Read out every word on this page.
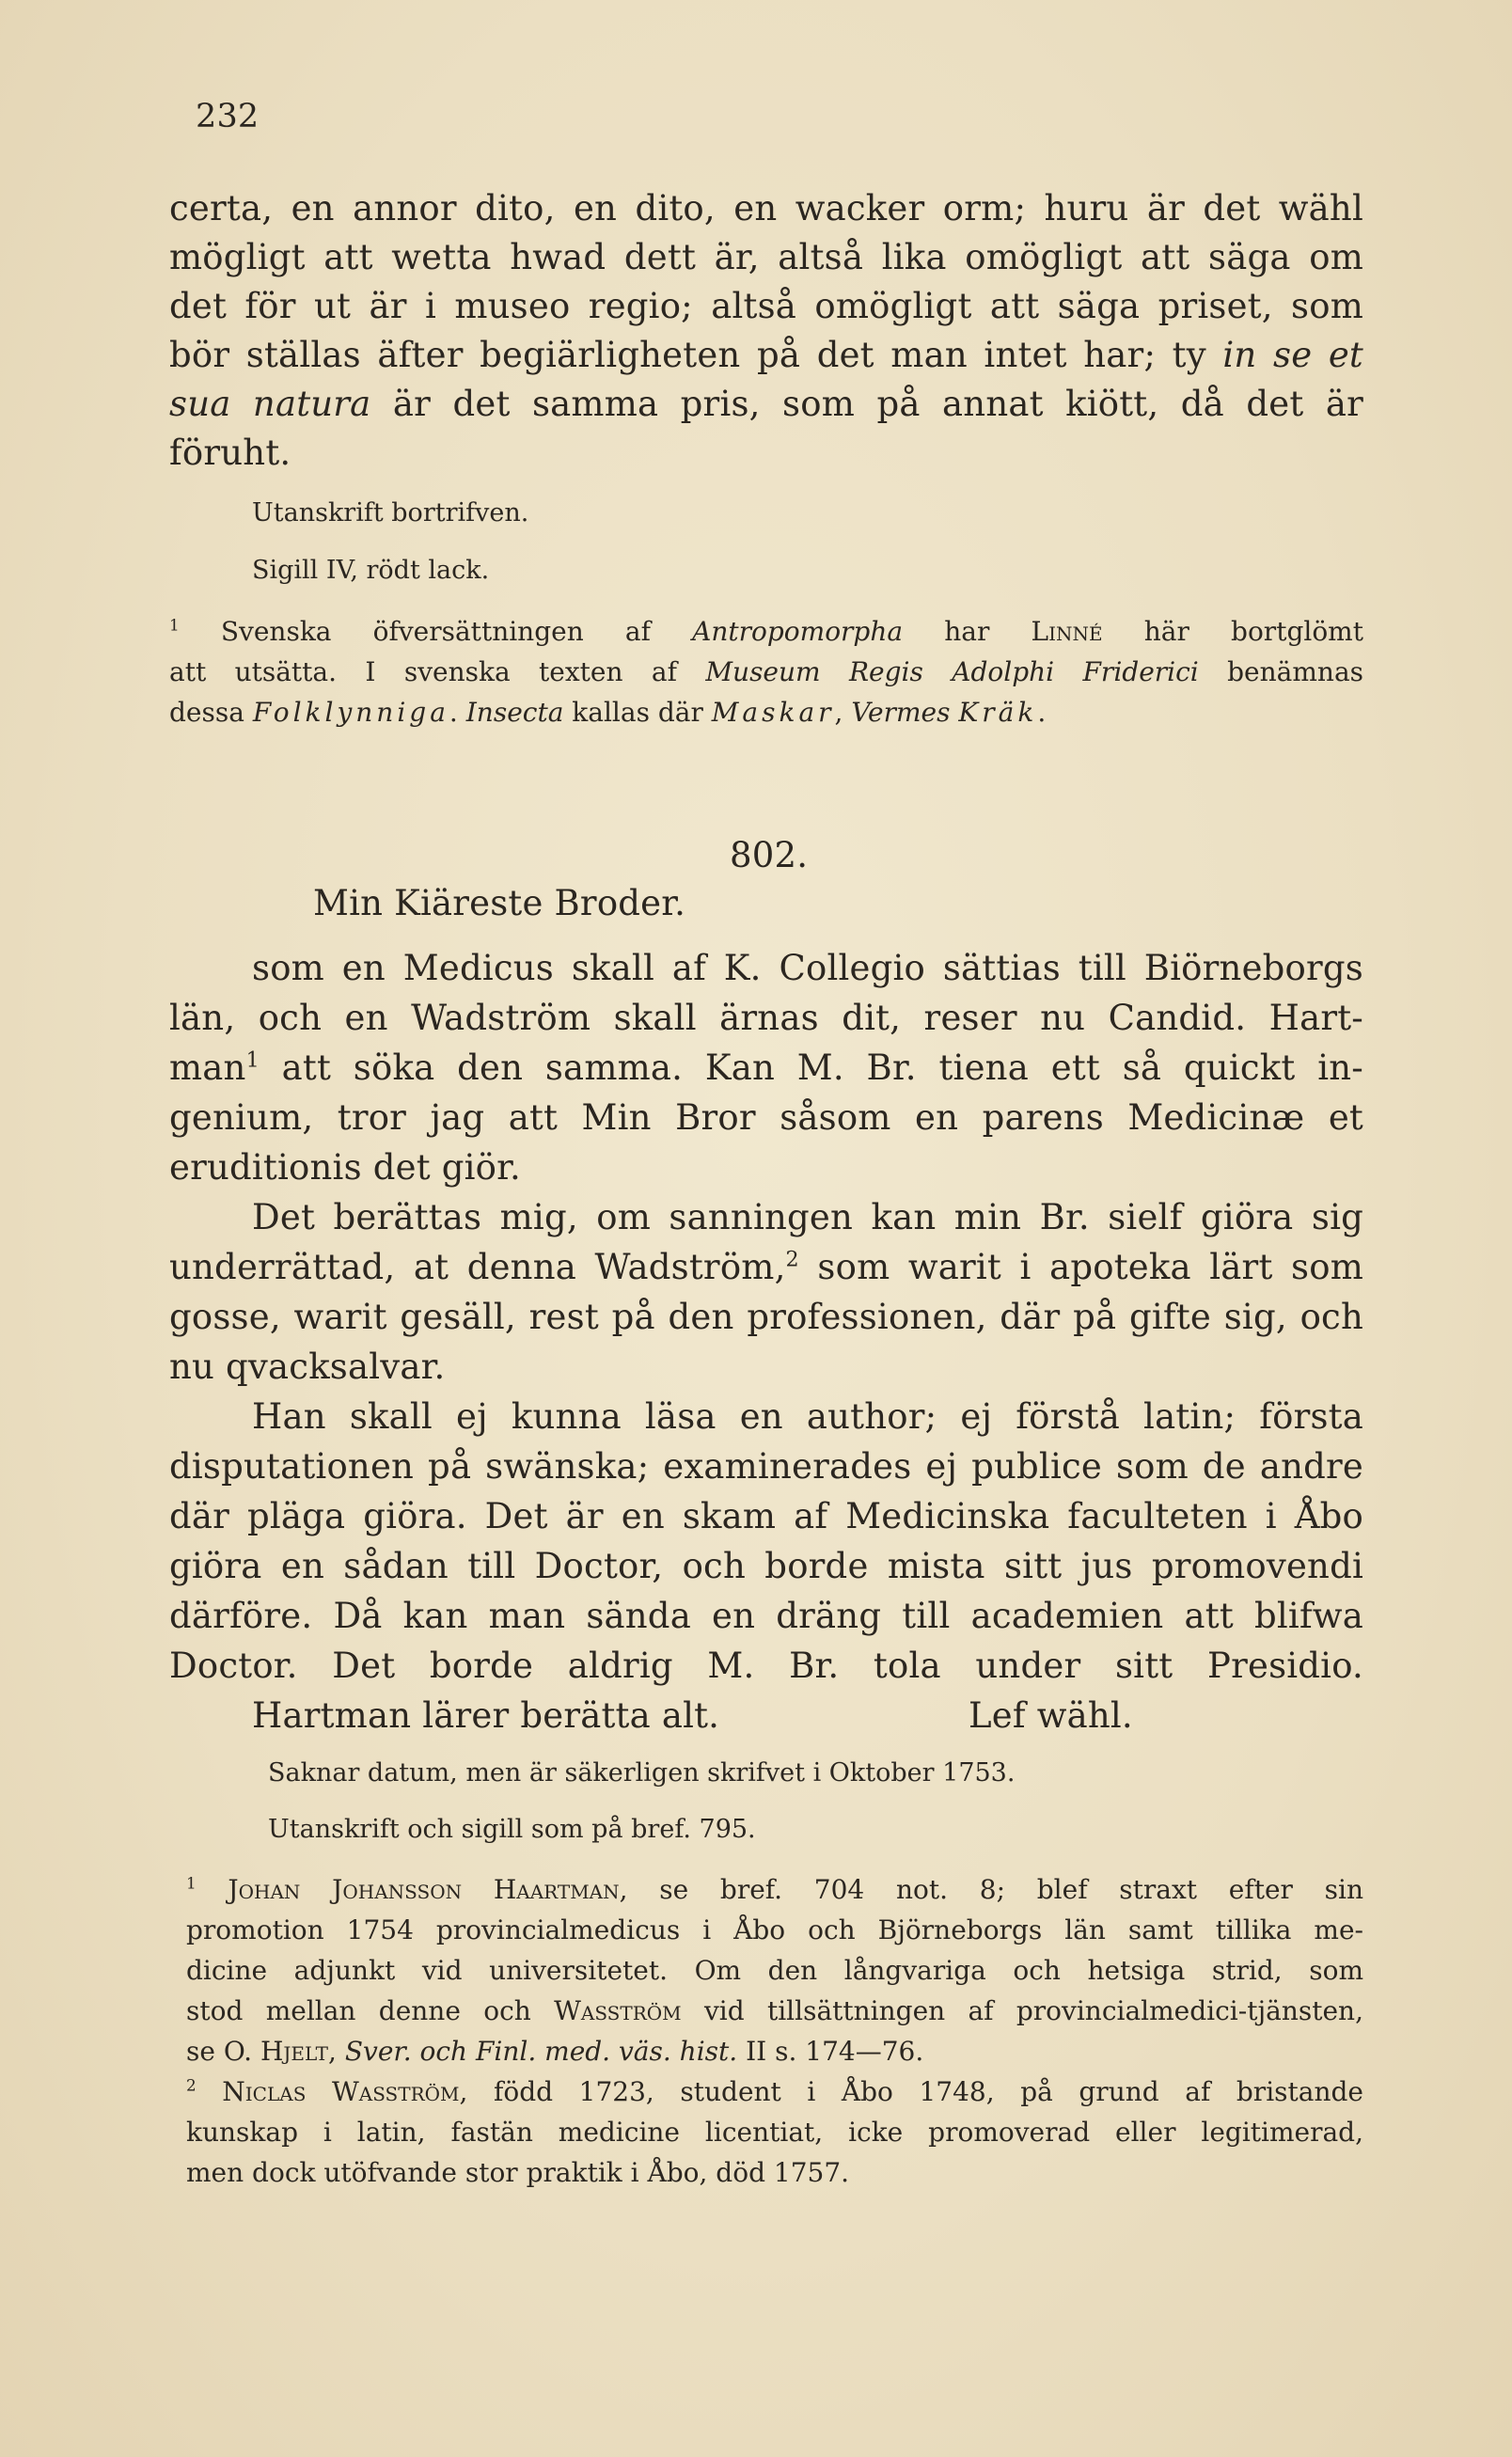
232
certa, en annor dito, en dito, en wacker orm; huru är det wähl
mögligt att wetta hwad dett är, altså lika omögligt att säga om
det för ut är i museo regio; altså omögligt att säga priset, som
bör ställas äfter begiärligheten på det man intet har; ty in se et
sua natura är det samma pris, som på annat kiött, då det är
föruht.
Utanskrift bortrifven.
Sigill IV, rödt lack.
$^1$ Svenska öfversättningen af Antropomorpha har Linné här bortglömt
att utsätta. I svenska texten af Museum Regis Adolphi Friderici benämnas
dessa Folklynniga. Insecta kallas där Maskar, Vermes Kräk.
802.
Min Kiäreste Broder.
som en Medicus skall af K. Collegio sättias till Biörneborgs
län, och en Wadström skall ärnas dit, reser nu Candid. Hart-
man$^1$ att söka den samma. Kan M. Br. tiena ett så quickt in-
genium, tror jag att Min Bror såsom en parens Medicinæ et
eruditionis det giör.
Det berättas mig, om sanningen kan min Br. sielf giöra sig
underrättad, at denna Wadström,$^2$ som warit i apoteka lärt som
gosse, warit gesäll, rest på den professionen, där på gifte sig, och
nu qvacksalvar.
Han skall ej kunna läsa en author; ej förstå latin; första
disputationen på swänska; examinerades ej publice som de andre
där pläga giöra. Det är en skam af Medicinska faculteten i Åbo
giöra en sådan till Doctor, och borde mista sitt jus promovendi
därföre. Då kan man sända en dräng till academien att blifwa
Doctor. Det borde aldrig M. Br. tola under sitt Presidio.
Hartman lärer berätta alt.	Lef wähl.
Saknar datum, men är säkerligen skrifvet i Oktober 1753.
Utanskrift och sigill som på bref. 795.
$^1$ Johan Johansson Haartman, se bref. 704 not. 8; blef straxt efter sin
promotion 1754 provincialmedicus i Åbo och Björneborgs län samt tillika me-
dicine adjunkt vid universitetet. Om den långvariga och hetsiga strid, som
stod mellan denne och Wasström vid tillsättningen af provincialmedici-tjänsten,
se O. Hjelt, Sver. och Finl. med. väs. hist. II s. 174—76.
$^2$ Niclas Wasström, född 1723, student i Åbo 1748, på grund af bristande
kunskap i latin, fastän medicine licentiat, icke promoverad eller legitimerad,
men dock utöfvande stor praktik i Åbo, död 1757.
